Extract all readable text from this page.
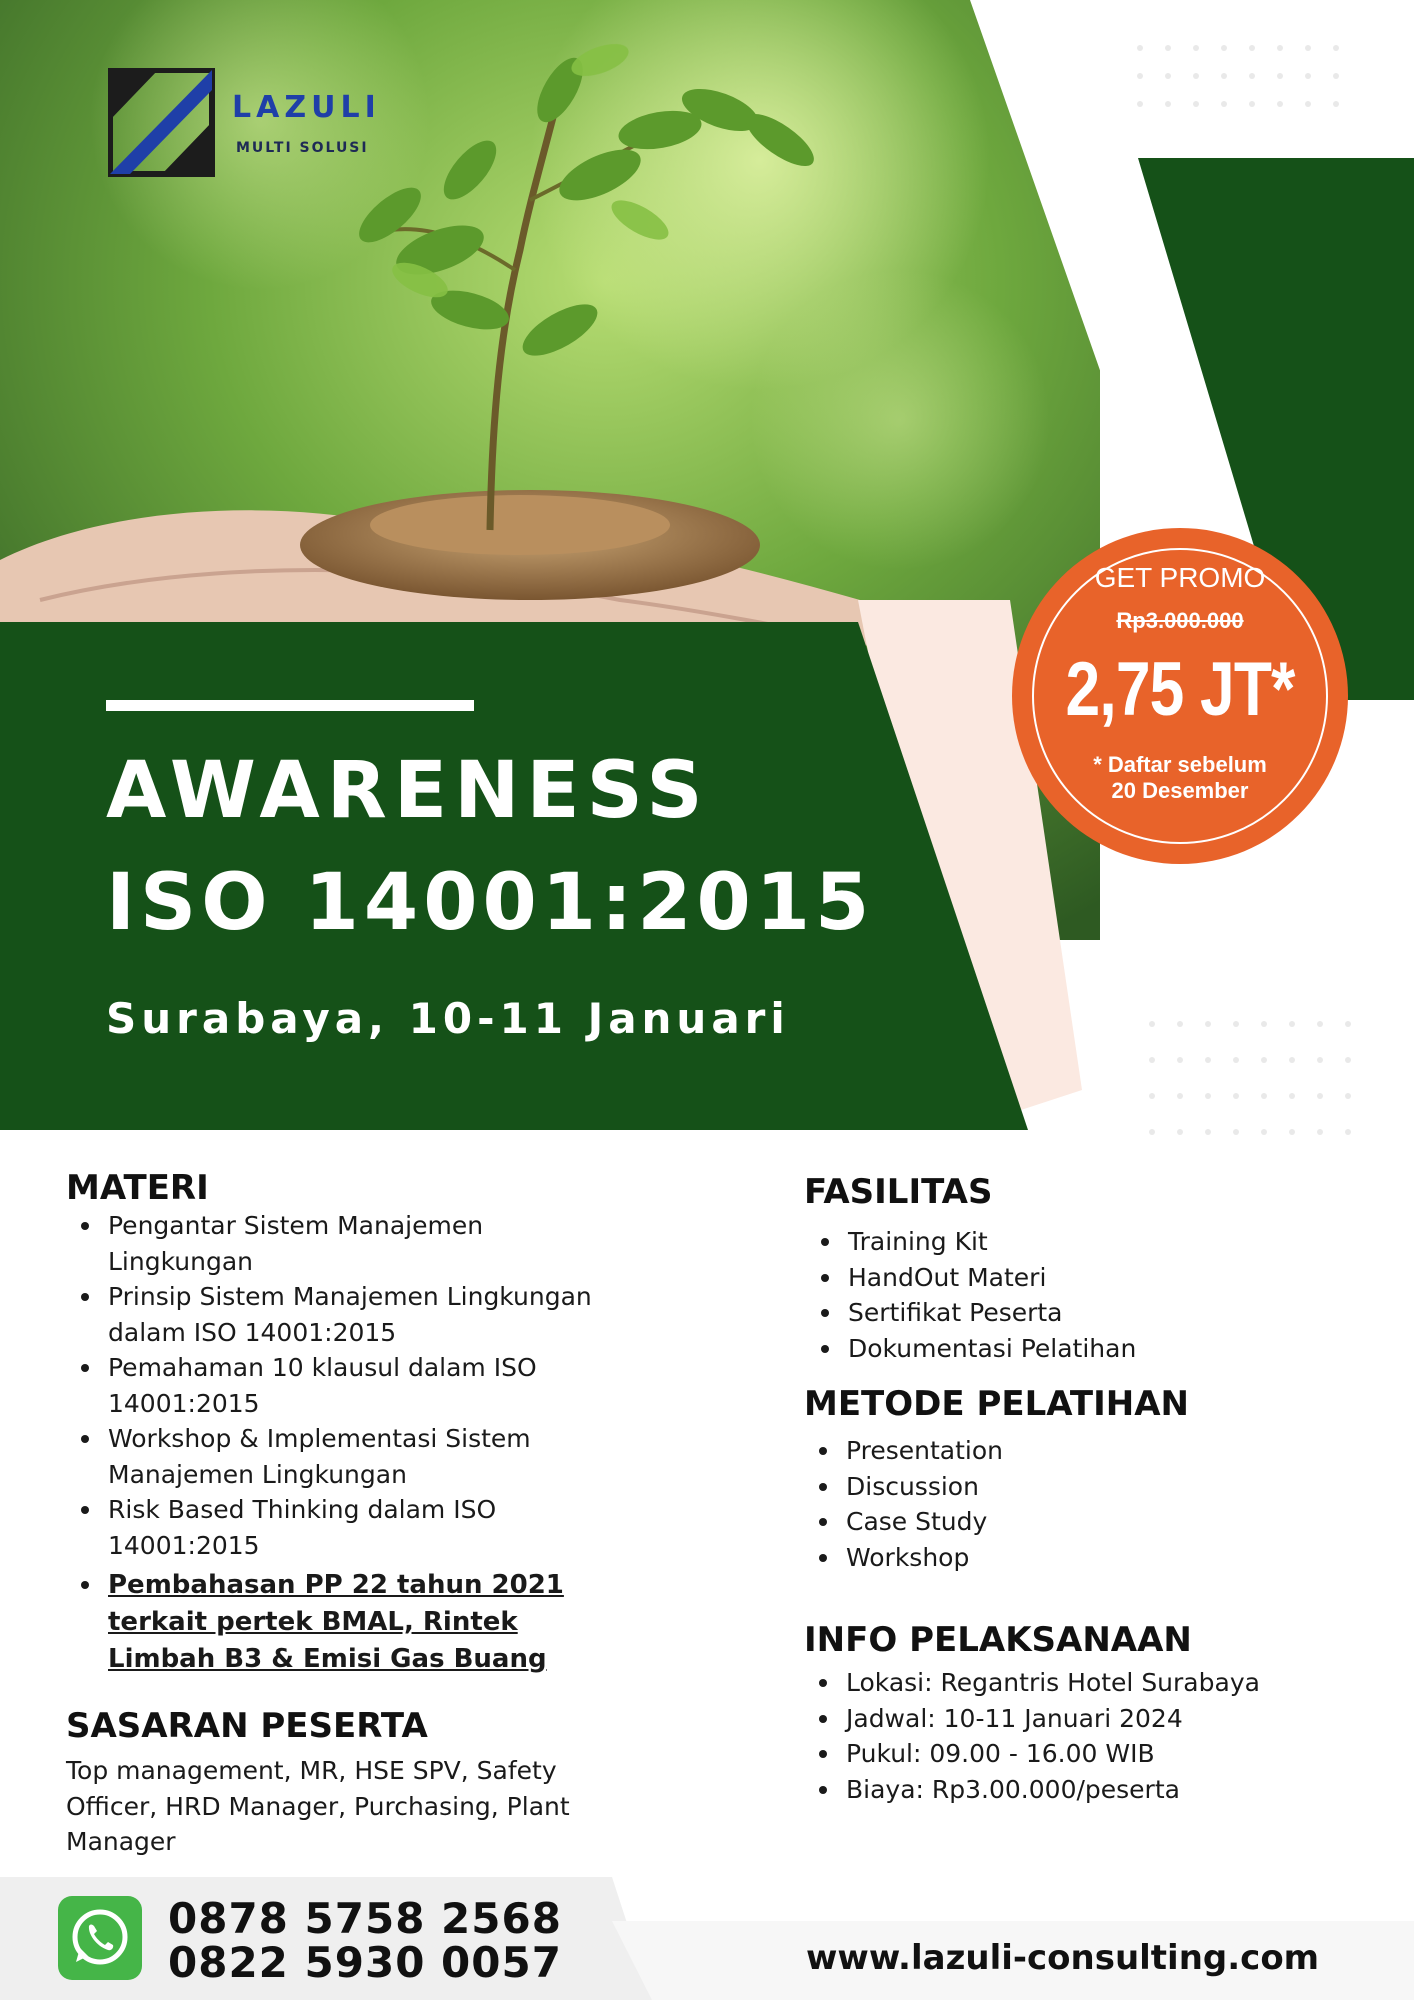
LAZULI
MULTI SOLUSI
GET PROMO
Rp3.000.000
2,75 JT*
* Daftar sebelum
20 Desember
AWARENESS
ISO 14001:2015
Surabaya, 10-11 Januari
MATERI
Pengantar Sistem Manajemen Lingkungan
Prinsip Sistem Manajemen Lingkungan dalam ISO 14001:2015
Pemahaman 10 klausul dalam ISO 14001:2015
Workshop & Implementasi Sistem Manajemen Lingkungan
Risk Based Thinking dalam ISO 14001:2015
Pembahasan PP 22 tahun 2021 terkait pertek BMAL, Rintek Limbah B3 & Emisi Gas Buang
SASARAN PESERTA
Top management, MR, HSE SPV, Safety Officer, HRD Manager, Purchasing, Plant Manager
FASILITAS
Training Kit
HandOut Materi
Sertifikat Peserta
Dokumentasi Pelatihan
METODE PELATIHAN
Presentation
Discussion
Case Study
Workshop
INFO PELAKSANAAN
Lokasi: Regantris Hotel Surabaya
Jadwal: 10-11 Januari 2024
Pukul: 09.00 - 16.00 WIB
Biaya: Rp3.00.000/peserta
0878 5758 2568
0822 5930 0057	www.lazuli-consulting.com
